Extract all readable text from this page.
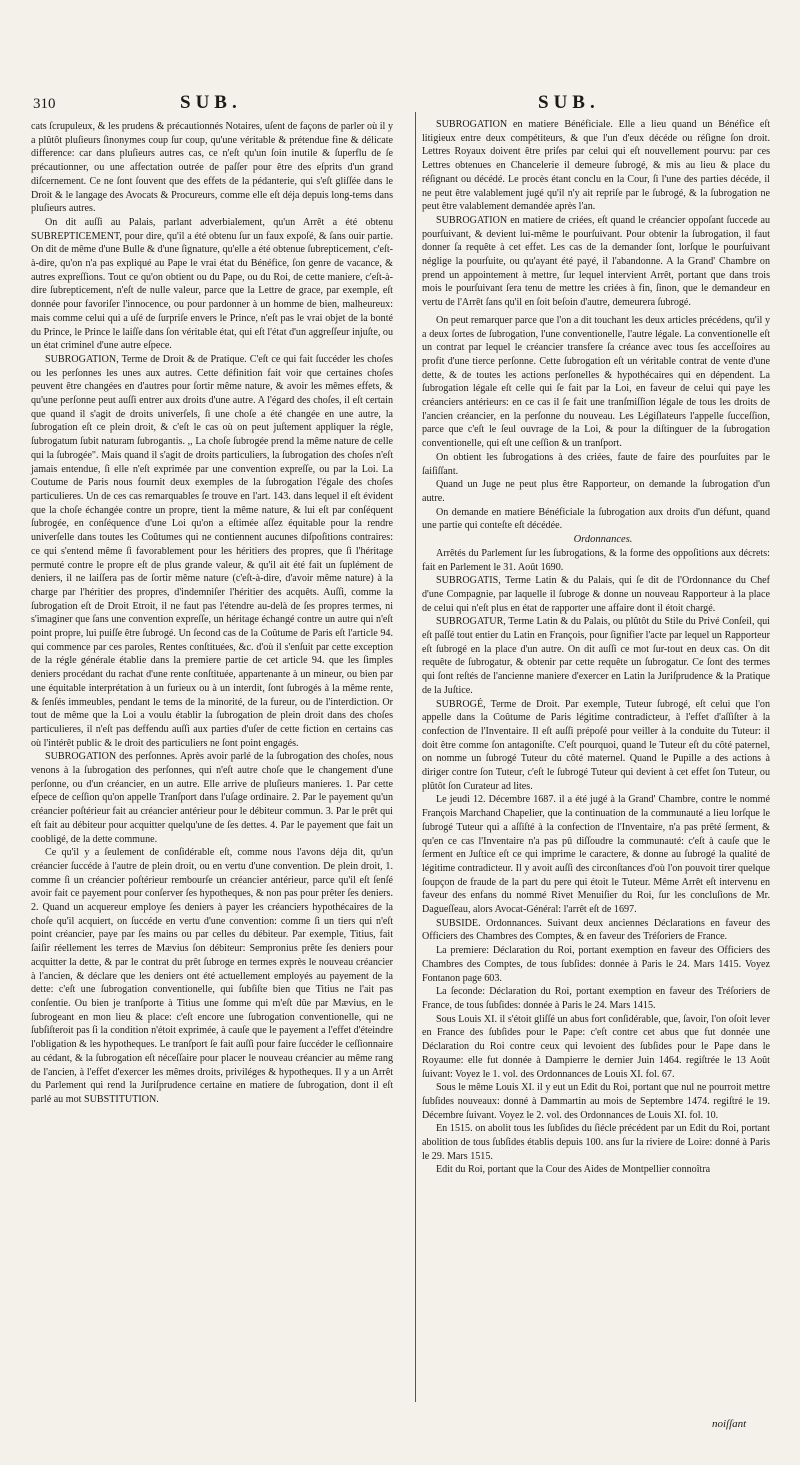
310	SUB.	SUB.

cats ſcrupuleux, & les prudens & précautionnés Notaires, uſent de façons de parler où il y a plûtôt pluſieurs ſinonymes coup ſur coup, qu'une véritable & prétendue fine & délicate difference: car dans pluſieurs autres cas, ce n'eſt qu'un ſoin inutile & ſuperflu de ſe précautionner, ou une affectation outrée de paſſer pour être des eſprits d'un grand diſcernement. Ce ne ſont ſouvent que des effets de la pédanterie, qui s'eſt gliſſée dans le Droit & le langage des Avocats & Procureurs, comme elle eſt déja depuis long-tems dans pluſieurs autres.

On dit auſſi au Palais, parlant adverbialement, qu'un Arrêt a été obtenu SUBREPTICEMENT, pour dire, qu'il a été obtenu ſur un faux expoſé, & ſans ouir partie. On dit de même d'une Bulle & d'une ſignature, qu'elle a été obtenue ſubrepticement, c'eſt-à-dire, qu'on n'a pas expliqué au Pape le vrai état du Bénéfice, ſon genre de vacance, & autres expreſſions. Tout ce qu'on obtient ou du Pape, ou du Roi, de cette maniere, c'eſt-à-dire ſubrepticement, n'eſt de nulle valeur, parce que la Lettre de grace, par exemple, eſt donnée pour favoriſer l'innocence, ou pour pardonner à un homme de bien, malheureux: mais comme celui qui a uſé de ſurpriſe envers le Prince, n'eſt pas le vrai objet de la bonté du Prince, le Prince le laiſſe dans ſon véritable état, qui eſt l'état d'un aggreſſeur injuſte, ou un état criminel d'une autre eſpece.

SUBROGATION, Terme de Droit & de Pratique. C'eſt ce qui fait ſuccéder les choſes ou les perſonnes les unes aux autres. Cette définition fait voir que certaines choſes peuvent être changées en d'autres pour ſortir même nature, & avoir les mêmes effets, & qu'une perſonne peut auſſi entrer aux droits d'une autre. A l'égard des choſes, il eſt certain que quand il s'agit de droits univerſels, ſi une choſe a été changée en une autre, la ſubrogation eſt ce plein droit, & c'eſt le cas où on peut juſtement appliquer la régle, ſubrogatum ſubit naturam ſubrogantis. ,, La choſe ſubrogée prend la même nature de celle qui la ſubrogée". Mais quand il s'agit de droits particuliers, la ſubrogation des choſes n'eſt jamais entendue, ſi elle n'eſt exprimée par une convention expreſſe, ou par la Loi. La Coutume de Paris nous fournit deux exemples de la ſubrogation l'égale des choſes particulieres. Un de ces cas remarquables ſe trouve en l'art. 143. dans lequel il eſt évident que la choſe échangée contre un propre, tient la même nature, & lui eſt par conſéquent ſubrogée, en conſéquence d'une Loi qu'on a eſtimée aſſez équitable pour la rendre univerſelle dans toutes les Coûtumes qui ne contiennent aucunes diſpoſitions contraires: ce qui s'entend même ſi favorablement pour les héritiers des propres, que ſi l'héritage permuté contre le propre eſt de plus grande valeur, & qu'il ait été fait un ſuplément de deniers, il ne laiſſera pas de ſortir même nature (c'eſt-à-dire, d'avoir même nature) à la charge par l'héritier des propres, d'indemniſer l'héritier des acquêts. Auſſi, comme la ſubrogation eſt de Droit Etroit, il ne faut pas l'étendre au-delà de ſes propres termes, ni s'imaginer que ſans une convention expreſſe, un héritage échangé contre un autre qui n'eſt point propre, lui puiſſe être ſubrogé. Un ſecond cas de la Coûtume de Paris eſt l'article 94. qui commence par ces paroles, Rentes conſtituées, &c. d'où il s'enſuit par cette exception de la régle générale établie dans la premiere partie de cet article 94. que les ſimples deniers procédant du rachat d'une rente conſtituée, appartenante à un mineur, ou bien par une équitable interprétation à un furieux ou à un interdit, ſont ſubrogés à la même rente, & ſenſés immeubles, pendant le tems de la minorité, de la fureur, ou de l'interdiction. Or tout de même que la Loi a voulu établir la ſubrogation de plein droit dans des choſes particulieres, il n'eſt pas deffendu auſſi aux parties d'uſer de cette fiction en certains cas où l'intérêt public & le droit des particuliers ne ſont point engagés.

SUBROGATION des perſonnes. Après avoir parlé de la ſubrogation des choſes, nous venons à la ſubrogation des perſonnes, qui n'eſt autre choſe que le changement d'une perſonne, ou d'un créancier, en un autre. Elle arrive de pluſieurs manieres. 1. Par cette eſpece de ceſſion qu'on appelle Tranſport dans l'uſage ordinaire. 2. Par le payement qu'un créancier poſtérieur fait au créancier antérieur pour le débiteur commun. 3. Par le prêt qui eſt fait au débiteur pour acquitter quelqu'une de ſes dettes. 4. Par le payement que fait un coobligé, de la dette commune.

Ce qu'il y a ſeulement de conſidérable eſt, comme nous l'avons déja dit, qu'un créancier ſuccéde à l'autre de plein droit, ou en vertu d'une convention. De plein droit, 1. comme ſi un créancier poſtérieur rembourſe un créancier antérieur, parce qu'il eſt ſenſé avoir fait ce payement pour conſerver ſes hypotheques, & non pas pour prêter ſes deniers. 2. Quand un acquereur employe ſes deniers à payer les créanciers hypothécaires de la choſe qu'il acquiert, on ſuccéde en vertu d'une convention: comme ſi un tiers qui n'eſt point créancier, paye par ſes mains ou par celles du débiteur. Par exemple, Titius, fait ſaiſir réellement les terres de Mævius ſon débiteur: Sempronius prête ſes deniers pour acquitter la dette, & par le contrat du prêt ſubroge en termes exprès le nouveau créancier à l'ancien, & déclare que les deniers ont été actuellement employés au payement de la dette: c'eſt une ſubrogation conventionelle, qui ſubſiſte bien que Titius ne l'ait pas conſentie. Ou bien je tranſporte à Titius une ſomme qui m'eſt dûe par Mævius, en le ſubrogeant en mon lieu & place: c'eſt encore une ſubrogation conventionelle, qui ne ſubſiſteroit pas ſi la condition n'étoit exprimée, à cauſe que le payement a l'effet d'éteindre l'obligation & les hypotheques. Le tranſport ſe fait auſſi pour faire ſuccéder le ceſſionnaire au cédant, & la ſubrogation eſt néceſſaire pour placer le nouveau créancier au même rang de l'ancien, à l'effet d'exercer les mêmes droits, priviléges & hypotheques. Il y a un Arrêt du Parlement qui rend la Juriſprudence certaine en matiere de ſubrogation, dont il eſt parlé au mot SUBSTITUTION.

SUBROGATION en matiere Bénéficiale. Elle a lieu quand un Bénéfice eſt litigieux entre deux compétiteurs, & que l'un d'eux décéde ou réſigne ſon droit. Lettres Royaux doivent être priſes par celui qui eſt nouvellement pourvu: par ces Lettres obtenues en Chancelerie il demeure ſubrogé, & mis au lieu & place du réſignant ou décédé. Le procès étant conclu en la Cour, ſi l'une des parties décéde, il ne peut être valablement jugé qu'il n'y ait repriſe par le ſubrogé, & la ſubrogation ne peut être valablement demandée après l'an.

SUBROGATION en matiere de criées, eſt quand le créancier oppoſant ſuccede au pourſuivant, & devient lui-même le pourſuivant. Pour obtenir la ſubrogation, il faut donner ſa requête à cet effet. Les cas de la demander ſont, lorſque le pourſuivant néglige la pourſuite, ou qu'ayant été payé, il l'abandonne. A la Grand' Chambre on prend un appointement à mettre, ſur lequel intervient Arrêt, portant que dans trois mois le pourſuivant ſera tenu de mettre les criées à fin, ſinon, que le demandeur en vertu de l'Arrêt ſans qu'il en ſoit beſoin d'autre, demeurera ſubrogé.

On peut remarquer parce que l'on a dit touchant les deux articles précédens, qu'il y a deux ſortes de ſubrogation, l'une conventionelle, l'autre légale. La conventionelle eſt un contrat par lequel le créancier transfere ſa créance avec tous ſes acceſſoires au profit d'une tierce perſonne. Cette ſubrogation eſt un véritable contrat de vente d'une dette, & de toutes les actions perſonelles & hypothécaires qui en dépendent. La ſubrogation légale eſt celle qui ſe fait par la Loi, en faveur de celui qui paye les créanciers antérieurs: en ce cas il ſe fait une tranſmiſſion légale de tous les droits de l'ancien créancier, en la perſonne du nouveau. Les Légiſlateurs l'appelle ſucceſſion, parce que c'eſt le ſeul ouvrage de la Loi, & pour la diſtinguer de la ſubrogation conventionelle, qui eſt une ceſſion & un tranſport.

On obtient les ſubrogations à des criées, faute de faire des pourſuites par le ſaiſiſſant.

Quand un Juge ne peut plus être Rapporteur, on demande la ſubrogation d'un autre.

On demande en matiere Bénéficiale la ſubrogation aux droits d'un défunt, quand une partie qui conteſte eſt décédée.

Ordonnances.

Arrêtés du Parlement ſur les ſubrogations, & la forme des oppoſitions aux décrets: fait en Parlement le 31. Août 1690.

SUBROGATIS, Terme Latin & du Palais, qui ſe dit de l'Ordonnance du Chef d'une Compagnie, par laquelle il ſubroge & donne un nouveau Rapporteur à la place de celui qui n'eſt plus en état de rapporter une affaire dont il étoit chargé.

SUBROGATUR, Terme Latin & du Palais, ou plûtôt du Stile du Privé Conſeil, qui eſt paſſé tout entier du Latin en François, pour ſignifier l'acte par lequel un Rapporteur eſt ſubrogé en la place d'un autre. On dit auſſi ce mot ſur-tout en deux cas. On dit requête de ſubrogatur, & obtenir par cette requête un ſubrogatur. Ce ſont des termes qui ſont reſtés de l'ancienne maniere d'exercer en Latin la Juriſprudence & la Pratique de la Juſtice.

SUBROGÉ, Terme de Droit. Par exemple, Tuteur ſubrogé, eſt celui que l'on appelle dans la Coûtume de Paris légitime contradicteur, à l'effet d'aſſiſter à la confection de l'Inventaire. Il eſt auſſi prépoſé pour veiller à la conduite du Tuteur: il doit être comme ſon antagoniſte. C'eſt pourquoi, quand le Tuteur eſt du côté paternel, on nomme un ſubrogé Tuteur du côté maternel. Quand le Pupille a des actions à diriger contre ſon Tuteur, c'eſt le ſubrogé Tuteur qui devient à cet effet ſon Tuteur, ou plûtôt ſon Curateur ad lites.

Le jeudi 12. Décembre 1687. il a été jugé à la Grand' Chambre, contre le nommé François Marchand Chapelier, que la continuation de la communauté a lieu lorſque le ſubrogé Tuteur qui a aſſiſté à la confection de l'Inventaire, n'a pas prêté ſerment, & qu'en ce cas l'Inventaire n'a pas pû diſſoudre la communauté: c'eſt à cauſe que le ſerment en Juſtice eſt ce qui imprime le caractere, & donne au ſubrogé la qualité de légitime contradicteur. Il y avoit auſſi des circonſtances d'où l'on pouvoit tirer quelque ſoupçon de fraude de la part du pere qui étoit le Tuteur. Même Arrêt eſt intervenu en faveur des enfans du nommé Rivet Menuiſier du Roi, ſur les concluſions de Mr. Dagueſſeau, alors Avocat-Général: l'arrêt eſt de 1697.

SUBSIDE. Ordonnances. Suivant deux anciennes Déclarations en faveur des Officiers des Chambres des Comptes, & en faveur des Tréſoriers de France.

La premiere: Déclaration du Roi, portant exemption en faveur des Officiers des Chambres des Comptes, de tous ſubſides: donnée à Paris le 24. Mars 1415. Voyez Fontanon page 603.

La ſeconde: Déclaration du Roi, portant exemption en faveur des Tréſoriers de France, de tous ſubſides: donnée à Paris le 24. Mars 1415.

Sous Louis XI. il s'étoit gliſſé un abus fort conſidérable, que, ſavoir, l'on oſoit lever en France des ſubſides pour le Pape: c'eſt contre cet abus que fut donnée une Déclaration du Roi contre ceux qui levoient des ſubſides pour le Pape dans le Royaume: elle fut donnée à Dampierre le dernier Juin 1464. regiſtrée le 13 Août ſuivant: Voyez le 1. vol. des Ordonnances de Louis XI. fol. 67.

Sous le même Louis XI. il y eut un Edit du Roi, portant que nul ne pourroit mettre ſubſides nouveaux: donné à Dammartin au mois de Septembre 1474. regiſtré le 19. Décembre ſuivant. Voyez le 2. vol. des Ordonnances de Louis XI. fol. 10.

En 1515. on abolit tous les ſubſides du ſiécle précédent par un Edit du Roi, portant abolition de tous ſubſides établis depuis 100. ans ſur la riviere de Loire: donné à Paris le 29. Mars 1515.

Edit du Roi, portant que la Cour des Aides de Montpellier connoîtra

noiſſant
